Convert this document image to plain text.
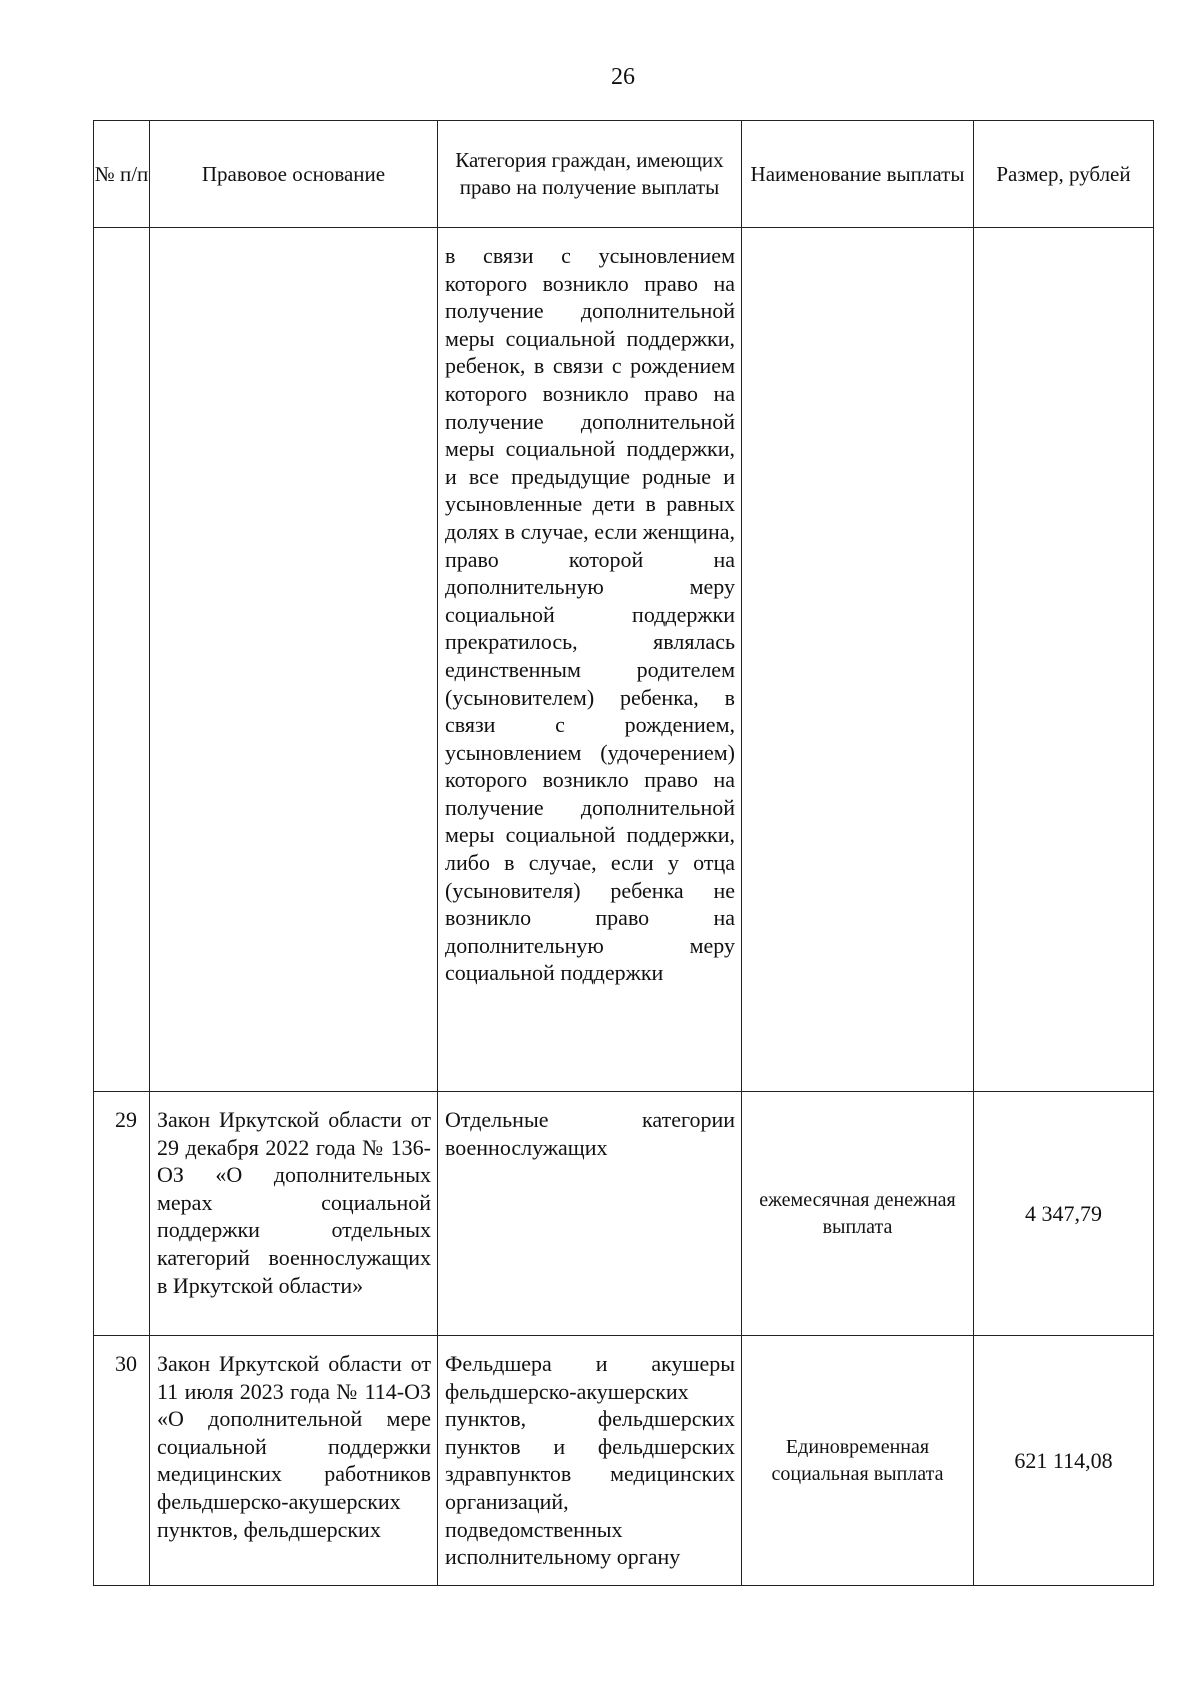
26
№ п/п	Правовое основание	Категория граждан, имеющих право на получение выплаты	Наименование выплаты	Размер, рублей
		в связи с усыновлением которого возникло право на получение дополнительной меры социальной поддержки, ребенок, в связи с рождением которого возникло право на получение дополнительной меры социальной поддержки, и все предыдущие родные и усыновленные дети в равных долях в случае, если женщина, право которой на дополнительную меру социальной поддержки прекратилось, являлась единственным родителем (усыновителем) ребенка, в связи с рождением, усыновлением (удочерением) которого возникло право на получение дополнительной меры социальной поддержки, либо в случае, если у отца (усыновителя) ребенка не возникло право на дополнительную меру социальной поддержки		
29	Закон Иркутской области от 29 декабря 2022 года № 136-ОЗ «О дополнительных мерах социальной поддержки отдельных категорий военнослужащих в Иркутской области»	Отдельные категории военнослужащих	ежемесячная денежная выплата	4 347,79
30	Закон Иркутской области от 11 июля 2023 года № 114-ОЗ «О дополнительной мере социальной поддержки медицинских работников фельдшерско-акушерских пунктов, фельдшерских	Фельдшера и акушеры фельдшерско-акушерских пунктов, фельдшерских пунктов и фельдшерских здравпунктов медицинских организаций, подведомственных исполнительному органу	Единовременная социальная выплата	621 114,08
